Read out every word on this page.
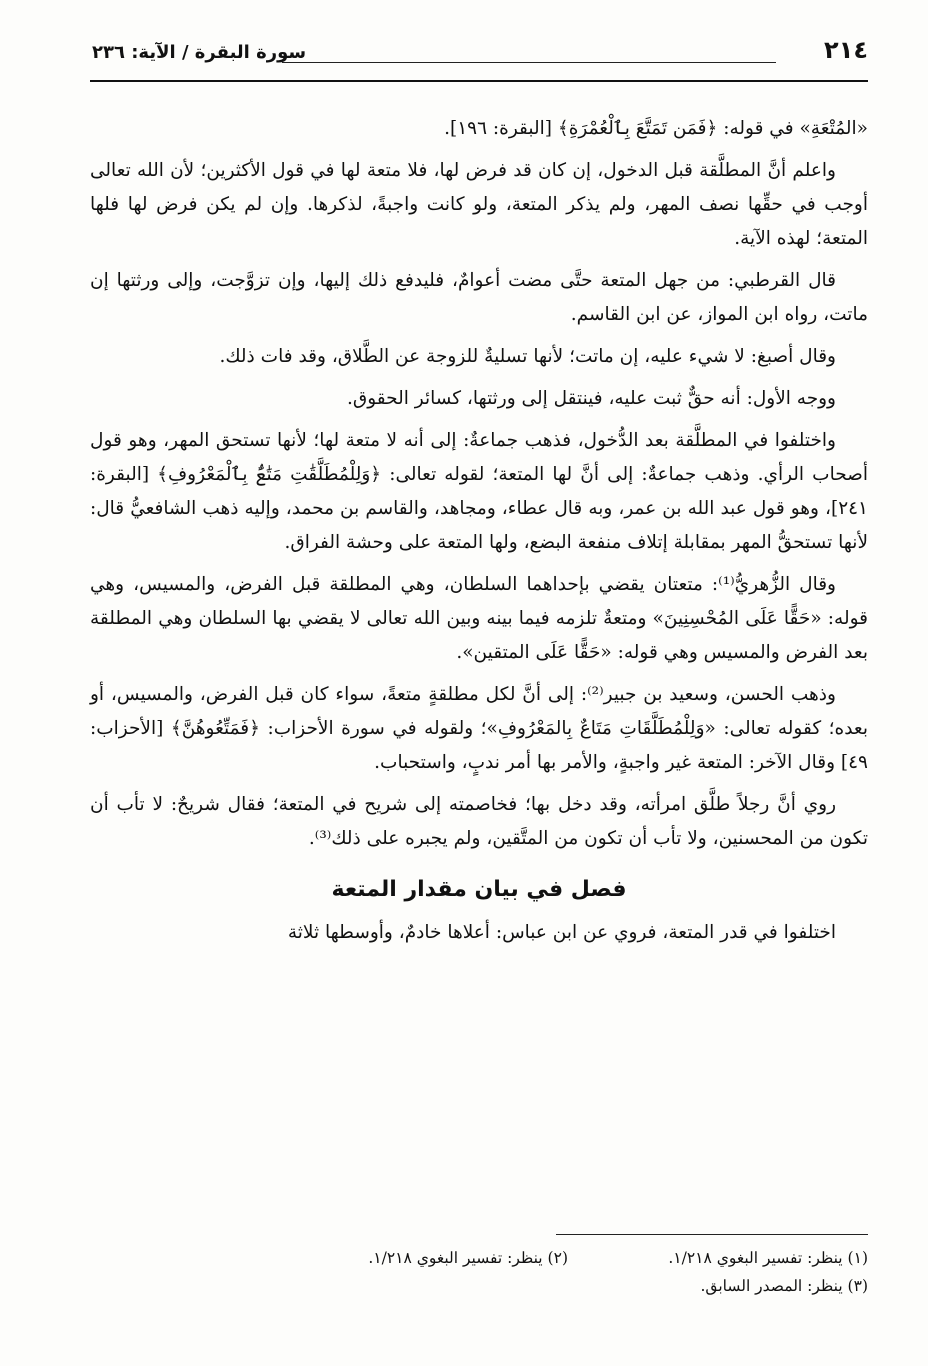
٢١٤
سورة البقرة / الآية: ٢٣٦

«المُتْعَةِ» في قوله: ﴿فَمَن تَمَتَّعَ بِٱلْعُمْرَةِ﴾ [البقرة: ١٩٦].

واعلم أنَّ المطلَّقة قبل الدخول، إن كان قد فرض لها، فلا متعة لها في قول الأكثرين؛ لأن الله تعالى أوجب في حقِّها نصف المهر، ولم يذكر المتعة، ولو كانت واجبةً، لذكرها. وإن لم يكن فرض لها فلها المتعة؛ لهذه الآية.

قال القرطبي: من جهل المتعة حتَّى مضت أعوامٌ، فليدفع ذلك إليها، وإن تزوَّجت، وإلى ورثتها إن ماتت، رواه ابن المواز، عن ابن القاسم.

وقال أصبغ: لا شيء عليه، إن ماتت؛ لأنها تسليةٌ للزوجة عن الطَّلاق، وقد فات ذلك.

ووجه الأول: أنه حقٌّ ثبت عليه، فينتقل إلى ورثتها، كسائر الحقوق.

واختلفوا في المطلَّقة بعد الدُّخول، فذهب جماعةٌ: إلى أنه لا متعة لها؛ لأنها تستحق المهر، وهو قول أصحاب الرأي. وذهب جماعةٌ: إلى أنَّ لها المتعة؛ لقوله تعالى: ﴿وَلِلْمُطَلَّقَٰتِ مَتَٰعٌۢ بِٱلْمَعْرُوفِ﴾ [البقرة: ٢٤١]، وهو قول عبد الله بن عمر، وبه قال عطاء، ومجاهد، والقاسم بن محمد، وإليه ذهب الشافعيُّ قال: لأنها تستحقُّ المهر بمقابلة إتلاف منفعة البضع، ولها المتعة على وحشة الفراق.

وقال الزُّهريُّ⁽¹⁾: متعتان يقضي بإحداهما السلطان، وهي المطلقة قبل الفرض، والمسيس، وهي قوله: «حَقًّا عَلَى المُحْسِنِينَ» ومتعةٌ تلزمه فيما بينه وبين الله تعالى لا يقضي بها السلطان وهي المطلقة بعد الفرض والمسيس وهي قوله: «حَقًّا عَلَى المتقين».

وذهب الحسن، وسعيد بن جبير⁽²⁾: إلى أنَّ لكل مطلقةٍ متعةً، سواء كان قبل الفرض، والمسيس، أو بعده؛ كقوله تعالى: «وَلِلْمُطَلَّقَاتِ مَتَاعٌ بِالمَعْرُوفِ»؛ ولقوله في سورة الأحزاب: ﴿فَمَتِّعُوهُنَّ﴾ [الأحزاب: ٤٩] وقال الآخر: المتعة غير واجبةٍ، والأمر بها أمر ندبٍ، واستحباب.

روي أنَّ رجلاً طلَّق امرأته، وقد دخل بها؛ فخاصمته إلى شريح في المتعة؛ فقال شريحٌ: لا تأب أن تكون من المحسنين، ولا تأب أن تكون من المتَّقين، ولم يجبره على ذلك⁽³⁾.

فصل في بيان مقدار المتعة

اختلفوا في قدر المتعة، فروي عن ابن عباس: أعلاها خادمٌ، وأوسطها ثلاثة

(١) ينظر: تفسير البغوي ١/٢١٨.
(٢) ينظر: تفسير البغوي ١/٢١٨.
(٣) ينظر: المصدر السابق.
